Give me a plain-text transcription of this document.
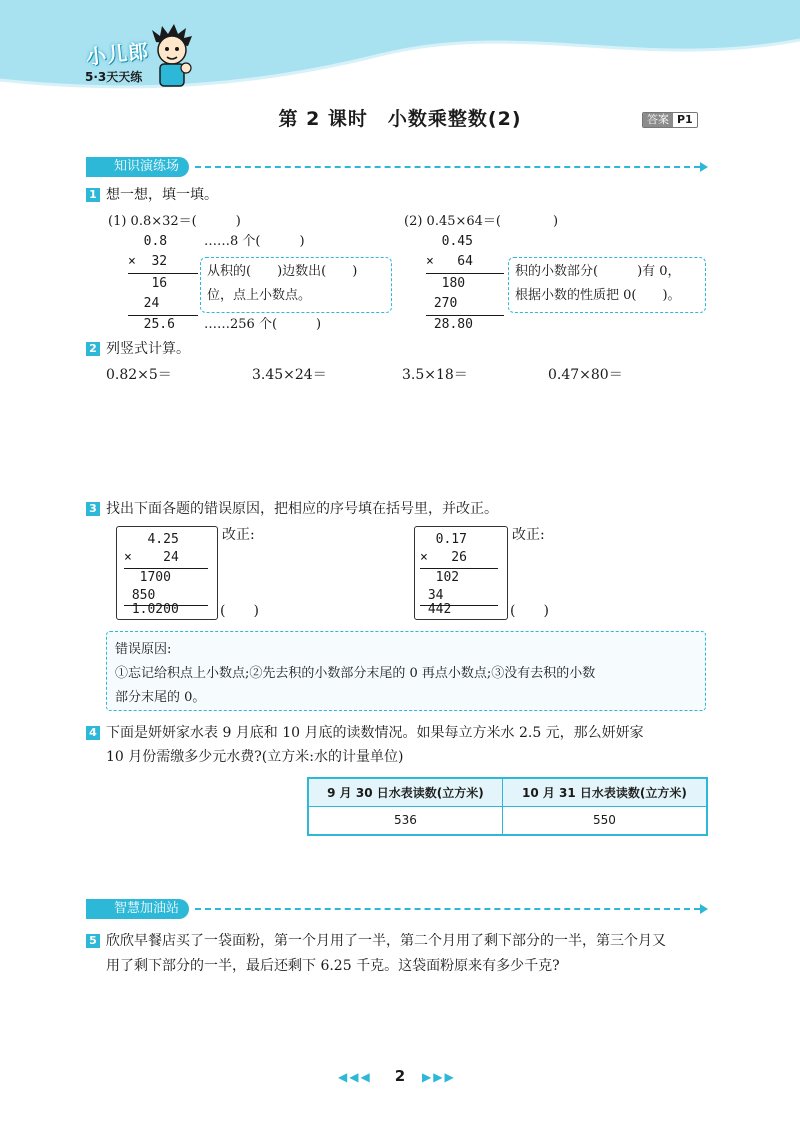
小儿郎
5·3天天练
第 2 课时　小数乘整数(2)	答案 P1
知识演练场
1 想一想，填一填。
(1) 0.8×32＝(　　　)
0.8	……8 个(　　　)
×  32
16
24
25.6 ……256 个(　　　)
从积的(　　)边数出(　　)
位，点上小数点。
(2) 0.45×64＝(　　　　)
0.45
×   64
180
270
28.80
积的小数部分(　　　)有 0，
根据小数的性质把 0(　　)。
2 列竖式计算。
0.82×5＝	3.45×24＝	3.5×18＝	0.47×80＝
3 找出下面各题的错误原因，把相应的序号填在括号里，并改正。
4.25
×    24
1700
850
1.0200
改正:
(　　)
0.17
×   26
102
34
442
改正:
(　　)
错误原因:
①忘记给积点上小数点;②先去积的小数部分末尾的 0 再点小数点;③没有去积的小数
部分末尾的 0。
4 下面是妍妍家水表 9 月底和 10 月底的读数情况。如果每立方米水 2.5 元，那么妍妍家
10 月份需缴多少元水费?(立方米:水的计量单位)
9 月 30 日水表读数(立方米)	10 月 31 日水表读数(立方米)
536	550
智慧加油站
5 欣欣早餐店买了一袋面粉，第一个月用了一半，第二个月用了剩下部分的一半，第三个月又
用了剩下部分的一半，最后还剩下 6.25 千克。这袋面粉原来有多少千克?
◀◀◀	2	▶▶▶
